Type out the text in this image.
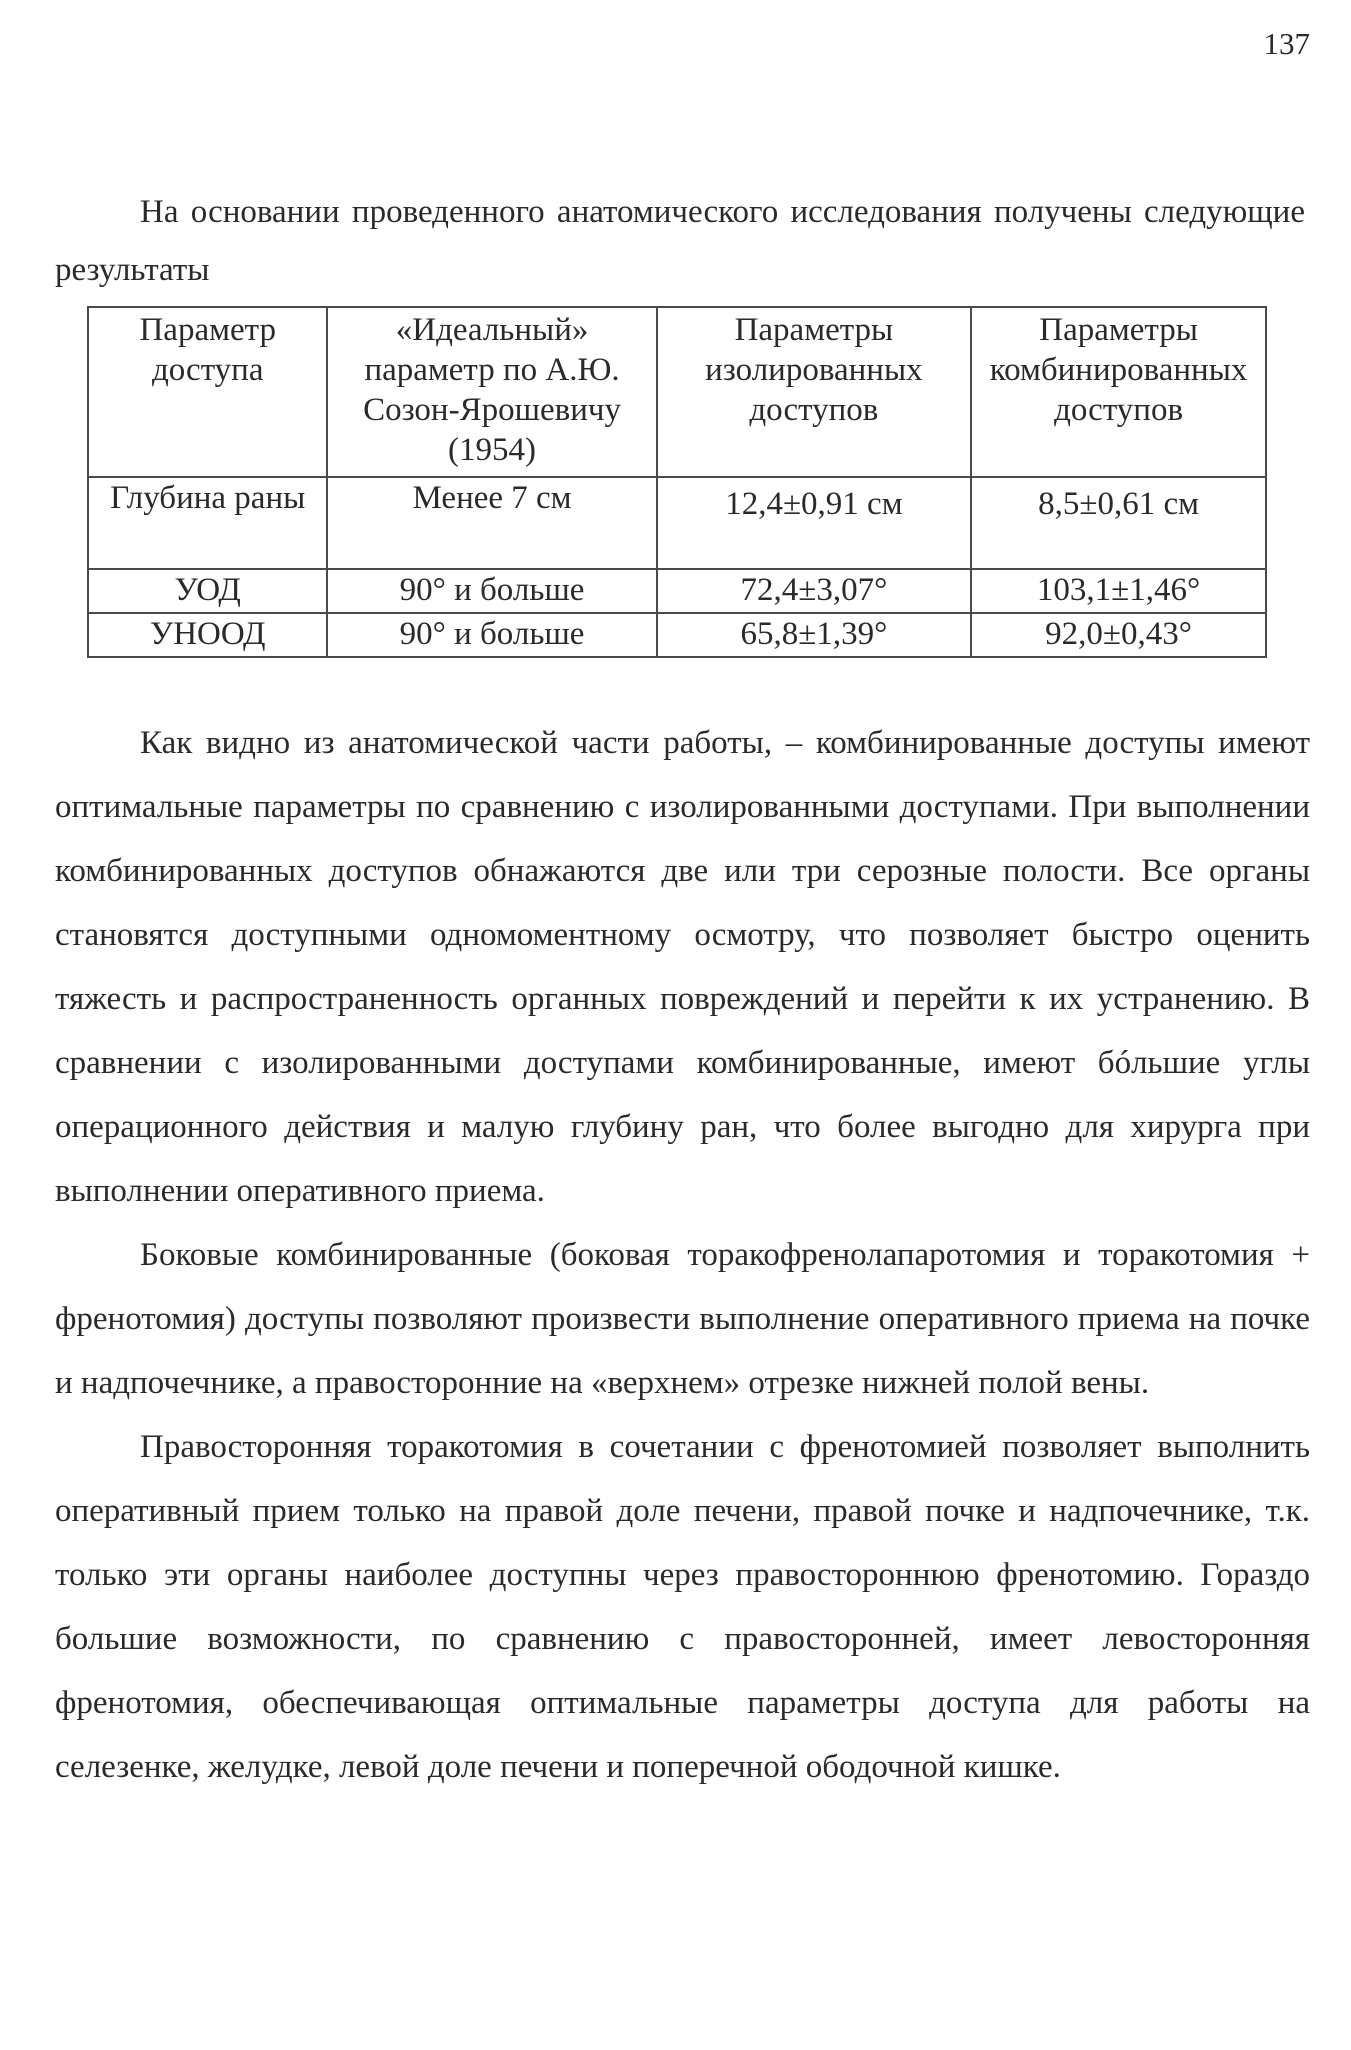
137

На основании проведенного анатомического исследования получены следующие результаты

Параметр доступа	«Идеальный» параметр по А.Ю. Созон-Ярошевичу (1954)	Параметры изолированных доступов	Параметры комбинированных доступов
Глубина раны	Менее 7 см	12,4±0,91 см	8,5±0,61 см
УОД	90° и больше	72,4±3,07°	103,1±1,46°
УНООД	90° и больше	65,8±1,39°	92,0±0,43°

Как видно из анатомической части работы, – комбинированные доступы имеют оптимальные параметры по сравнению с изолированными доступами. При выполнении комбинированных доступов обнажаются две или три серозные полости. Все органы становятся доступными одномоментному осмотру, что позволяет быстро оценить тяжесть и распространенность органных повреждений и перейти к их устранению. В сравнении с изолированными доступами комбинированные, имеют бóльшие углы операционного действия и малую глубину ран, что более выгодно для хирурга при выполнении оперативного приема.

Боковые комбинированные (боковая торакофренолапаротомия и торакотомия + френотомия) доступы позволяют произвести выполнение оперативного приема на почке и надпочечнике, а правосторонние на «верхнем» отрезке нижней полой вены.

Правосторонняя торакотомия в сочетании с френотомией позволяет выполнить оперативный прием только на правой доле печени, правой почке и надпочечнике, т.к. только эти органы наиболее доступны через правостороннюю френотомию. Гораздо большие возможности, по сравнению с правосторонней, имеет левосторонняя френотомия, обеспечивающая оптимальные параметры доступа для работы на селезенке, желудке, левой доле печени и поперечной ободочной кишке.
